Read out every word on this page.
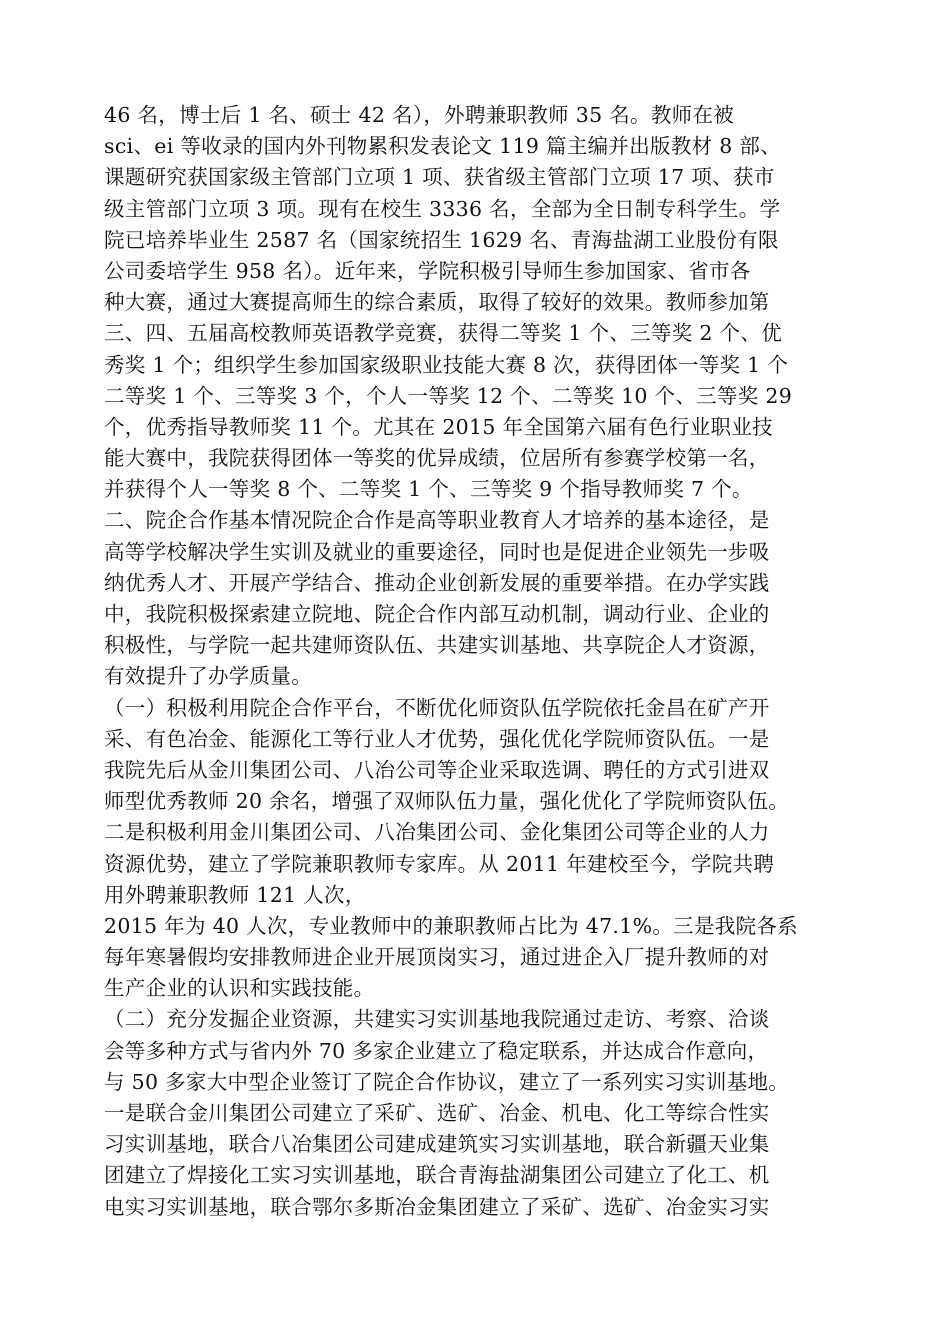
46 名，博士后 1 名、硕士 42 名），外聘兼职教师 35 名。教师在被
sci、ei 等收录的国内外刊物累积发表论文 119 篇主编并出版教材 8 部、
课题研究获国家级主管部门立项 1 项、获省级主管部门立项 17 项、获市
级主管部门立项 3 项。现有在校生 3336 名，全部为全日制专科学生。学
院已培养毕业生 2587 名（国家统招生 1629 名、青海盐湖工业股份有限
公司委培学生 958 名）。近年来，学院积极引导师生参加国家、省市各
种大赛，通过大赛提高师生的综合素质，取得了较好的效果。教师参加第
三、四、五届高校教师英语教学竞赛，获得二等奖 1 个、三等奖 2 个、优
秀奖 1 个；组织学生参加国家级职业技能大赛 8 次，获得团体一等奖 1 个
二等奖 1 个、三等奖 3 个，个人一等奖 12 个、二等奖 10 个、三等奖 29
个，优秀指导教师奖 11 个。尤其在 2015 年全国第六届有色行业职业技
能大赛中，我院获得团体一等奖的优异成绩，位居所有参赛学校第一名，
并获得个人一等奖 8 个、二等奖 1 个、三等奖 9 个指导教师奖 7 个。
二、院企合作基本情况院企合作是高等职业教育人才培养的基本途径，是
高等学校解决学生实训及就业的重要途径，同时也是促进企业领先一步吸
纳优秀人才、开展产学结合、推动企业创新发展的重要举措。在办学实践
中，我院积极探索建立院地、院企合作内部互动机制，调动行业、企业的
积极性，与学院一起共建师资队伍、共建实训基地、共享院企人才资源，
有效提升了办学质量。
（一）积极利用院企合作平台，不断优化师资队伍学院依托金昌在矿产开
采、有色冶金、能源化工等行业人才优势，强化优化学院师资队伍。一是
我院先后从金川集团公司、八冶公司等企业采取选调、聘任的方式引进双
师型优秀教师 20 余名，增强了双师队伍力量，强化优化了学院师资队伍。
二是积极利用金川集团公司、八冶集团公司、金化集团公司等企业的人力
资源优势，建立了学院兼职教师专家库。从 2011 年建校至今，学院共聘
用外聘兼职教师 121 人次，
2015 年为 40 人次，专业教师中的兼职教师占比为 47.1%。三是我院各系
每年寒暑假均安排教师进企业开展顶岗实习，通过进企入厂提升教师的对
生产企业的认识和实践技能。
（二）充分发掘企业资源，共建实习实训基地我院通过走访、考察、洽谈
会等多种方式与省内外 70 多家企业建立了稳定联系，并达成合作意向，
与 50 多家大中型企业签订了院企合作协议，建立了一系列实习实训基地。
一是联合金川集团公司建立了采矿、选矿、冶金、机电、化工等综合性实
习实训基地，联合八冶集团公司建成建筑实习实训基地，联合新疆天业集
团建立了焊接化工实习实训基地，联合青海盐湖集团公司建立了化工、机
电实习实训基地，联合鄂尔多斯冶金集团建立了采矿、选矿、冶金实习实
